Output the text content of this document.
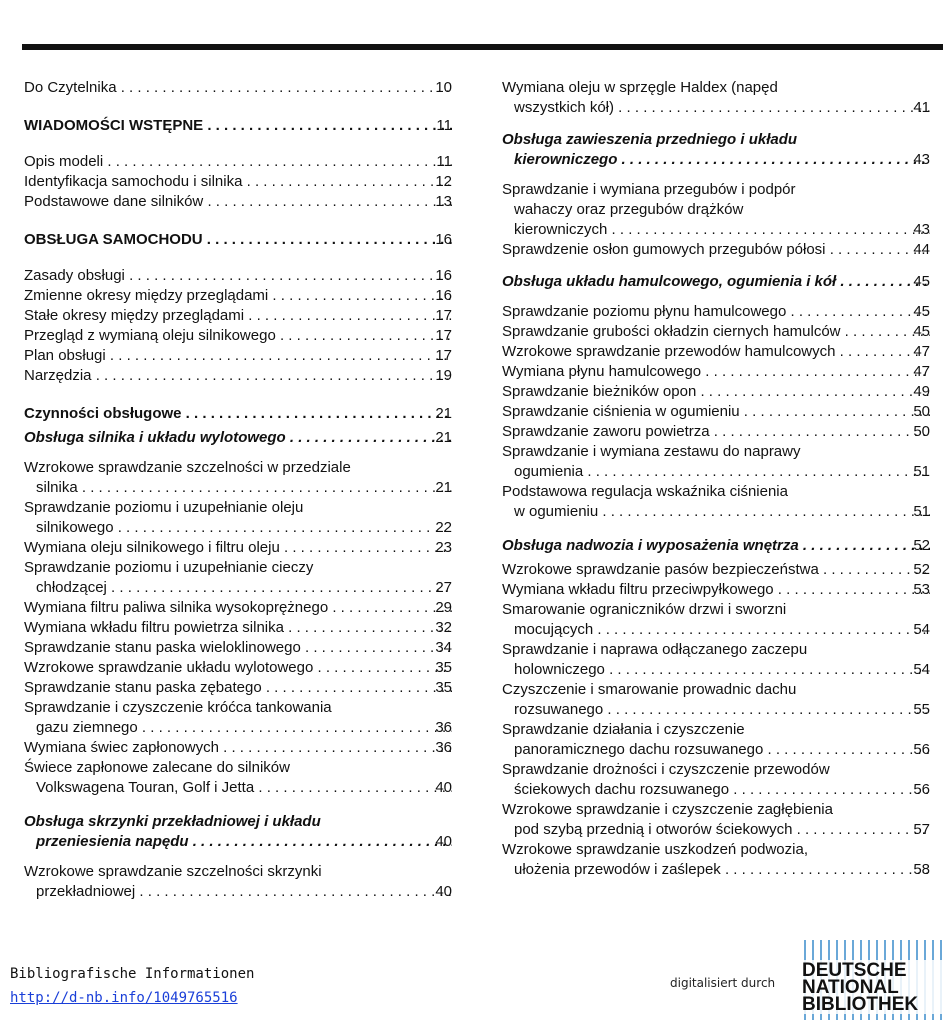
Do Czytelnika . . .	10
WIADOMOŚCI WSTĘPNE . . .	11
Opis modeli . . .	11
Identyfikacja samochodu i silnika . . .	12
Podstawowe dane silników . . .	13
OBSŁUGA SAMOCHODU . . .	16
Zasady obsługi . . .	16
Zmienne okresy między przeglądami . . .	16
Stałe okresy między przeglądami . . .	17
Przegląd z wymianą oleju silnikowego . . .	17
Plan obsługi . . .	17
Narzędzia . . .	19
Czynności obsługowe . . .	21
Obsługa silnika i układu wylotowego . . .	21
Wzrokowe sprawdzanie szczelności w przedziale
silnika . . .	21
Sprawdzanie poziomu i uzupełnianie oleju
silnikowego . . .	22
Wymiana oleju silnikowego i filtru oleju . . .	23
Sprawdzanie poziomu i uzupełnianie cieczy
chłodzącej . . .	27
Wymiana filtru paliwa silnika wysokoprężnego . . .	29
Wymiana wkładu filtru powietrza silnika . . .	32
Sprawdzanie stanu paska wieloklinowego . . .	34
Wzrokowe sprawdzanie układu wylotowego . . .	35
Sprawdzanie stanu paska zębatego . . .	35
Sprawdzanie i czyszczenie króćca tankowania
gazu ziemnego . . .	36
Wymiana świec zapłonowych . . .	36
Świece zapłonowe zalecane do silników
Volkswagena Touran, Golf i Jetta . . .	40
Obsługa skrzynki przekładniowej i układu
przeniesienia napędu . . .	40
Wzrokowe sprawdzanie szczelności skrzynki
przekładniowej . . .	40
Wymiana oleju w sprzęgle Haldex (napęd
wszystkich kół) . . .	41
Obsługa zawieszenia przedniego i układu
kierowniczego . . .	43
Sprawdzanie i wymiana przegubów i podpór
wahaczy oraz przegubów drążków
kierowniczych . . .	43
Sprawdzenie osłon gumowych przegubów półosi . . .	44
Obsługa układu hamulcowego, ogumienia i kół . . .	45
Sprawdzanie poziomu płynu hamulcowego . . .	45
Sprawdzanie grubości okładzin ciernych hamulców . . .	45
Wzrokowe sprawdzanie przewodów hamulcowych . . .	47
Wymiana płynu hamulcowego . . .	47
Sprawdzanie bieżników opon . . .	49
Sprawdzanie ciśnienia w ogumieniu . . .	50
Sprawdzanie zaworu powietrza . . .	50
Sprawdzanie i wymiana zestawu do naprawy
ogumienia . . .	51
Podstawowa regulacja wskaźnika ciśnienia
w ogumieniu . . .	51
Obsługa nadwozia i wyposażenia wnętrza . . .	52
Wzrokowe sprawdzanie pasów bezpieczeństwa . . .	52
Wymiana wkładu filtru przeciwpyłkowego . . .	53
Smarowanie ograniczników drzwi i sworzni
mocujących . . .	54
Sprawdzanie i naprawa odłączanego zaczepu
holowniczego . . .	54
Czyszczenie i smarowanie prowadnic dachu
rozsuwanego . . .	55
Sprawdzanie działania i czyszczenie
panoramicznego dachu rozsuwanego . . .	56
Sprawdzanie drożności i czyszczenie przewodów
ściekowych dachu rozsuwanego . . .	56
Wzrokowe sprawdzanie i czyszczenie zagłębienia
pod szybą przednią i otworów ściekowych . . .	57
Wzrokowe sprawdzanie uszkodzeń podwozia,
ułożenia przewodów i zaślepek . . .	58
Bibliografische Informationen
http://d-nb.info/1049765516
digitalisiert durch
DEUTSCHE
NATIONAL
BIBLIOTHEK
